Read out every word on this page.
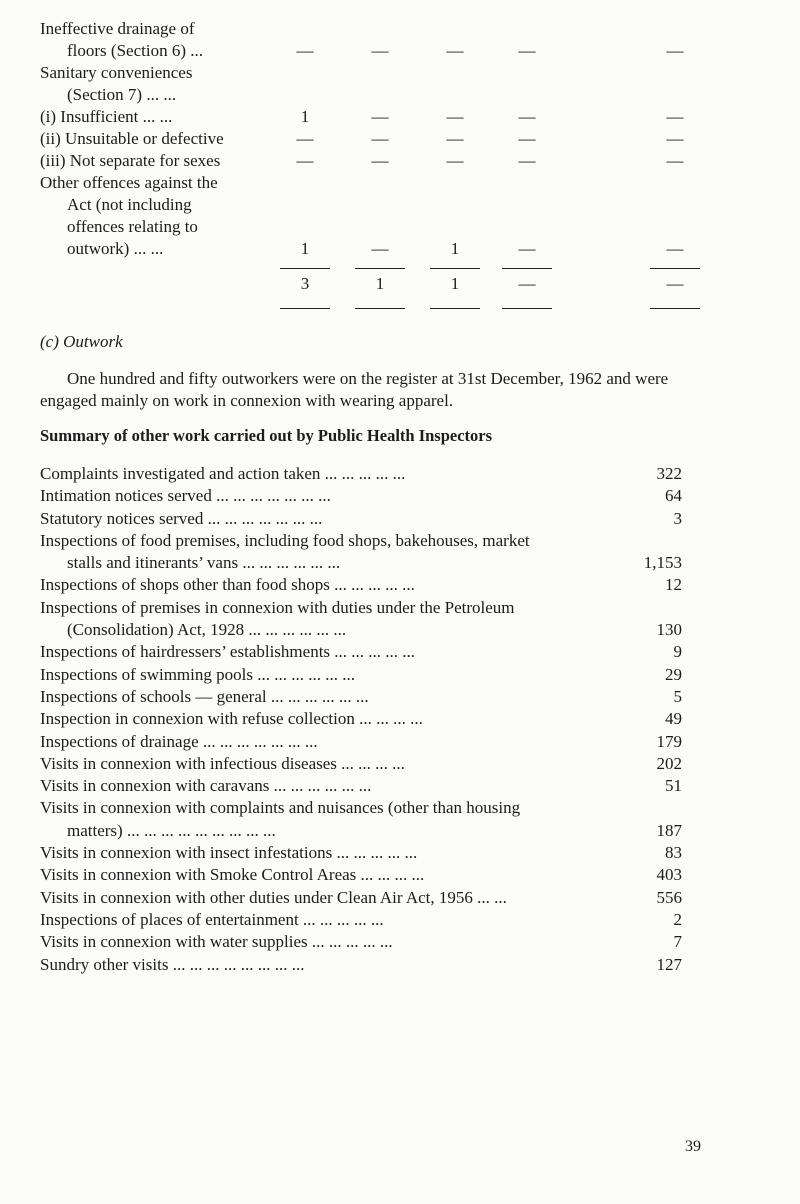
Ineffective drainage of
floors (Section 6) ...	—	—	—	—	—
Sanitary conveniences
(Section 7) ... ...
(i) Insufficient ... ...	1	—	—	—	—
(ii) Unsuitable or defective	—	—	—	—	—
(iii) Not separate for sexes	—	—	—	—	—
Other offences against the
Act (not including
offences relating to
outwork) ... ...	1	—	1	—	—
3	1	1	—	—
(c) Outwork
One hundred and fifty outworkers were on the register at 31st December, 1962 and were engaged mainly on work in connexion with wearing apparel.
Summary of other work carried out by Public Health Inspectors
Complaints investigated and action taken ... ... ... ... ...	322
Intimation notices served ... ... ... ... ... ... ...	64
Statutory notices served ... ... ... ... ... ... ...	3
Inspections of food premises, including food shops, bakehouses, market
stalls and itinerants’ vans ... ... ... ... ... ...	1,153
Inspections of shops other than food shops ... ... ... ... ...	12
Inspections of premises in connexion with duties under the Petroleum
(Consolidation) Act, 1928 ... ... ... ... ... ...	130
Inspections of hairdressers’ establishments ... ... ... ... ...	9
Inspections of swimming pools ... ... ... ... ... ...	29
Inspections of schools — general ... ... ... ... ... ...	5
Inspection in connexion with refuse collection ... ... ... ...	49
Inspections of drainage ... ... ... ... ... ... ...	179
Visits in connexion with infectious diseases ... ... ... ...	202
Visits in connexion with caravans ... ... ... ... ... ...	51
Visits in connexion with complaints and nuisances (other than housing
matters) ... ... ... ... ... ... ... ... ...	187
Visits in connexion with insect infestations ... ... ... ... ...	83
Visits in connexion with Smoke Control Areas ... ... ... ...	403
Visits in connexion with other duties under Clean Air Act, 1956 ... ...	556
Inspections of places of entertainment ... ... ... ... ...	2
Visits in connexion with water supplies ... ... ... ... ...	7
Sundry other visits ... ... ... ... ... ... ... ...	127
39
